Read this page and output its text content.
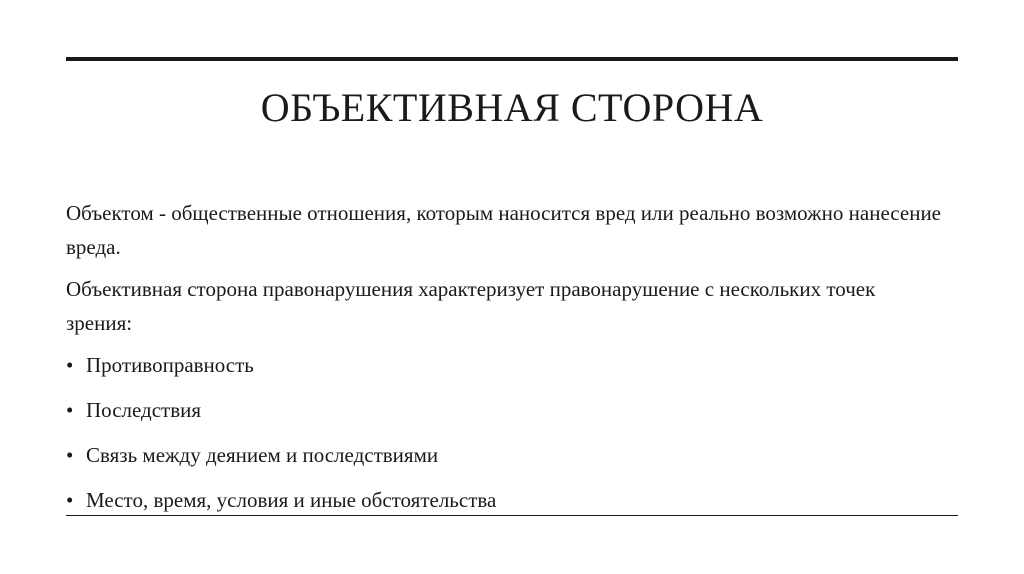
ОБЪЕКТИВНАЯ СТОРОНА

Объектом - общественные отношения, которым наносится вред или реально возможно нанесение вреда.

Объективная сторона правонарушения характеризует правонарушение с нескольких точек зрения:

• Противоправность
• Последствия
• Связь между деянием и последствиями
• Место, время, условия и иные обстоятельства
